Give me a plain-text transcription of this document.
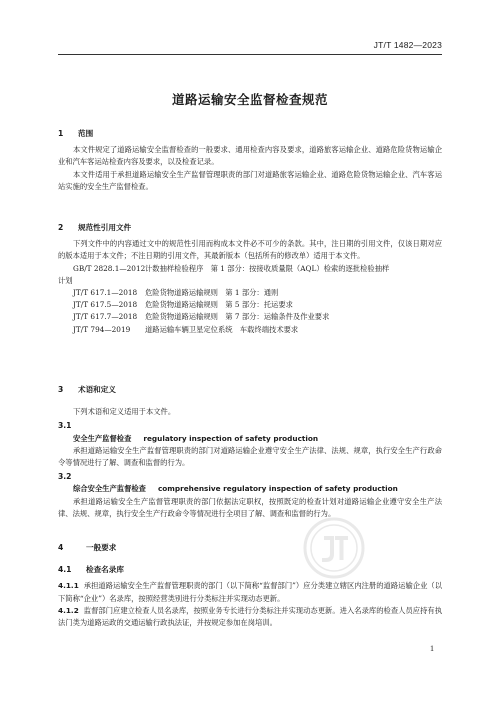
JT/T 1482—2023
道路运输安全监督检查规范
1 范围

本文件规定了道路运输安全监督检查的一般要求、通用检查内容及要求，道路旅客运输企业、道路危险货物运输企业和汽车客运站检查内容及要求，以及检查记录。

本文件适用于承担道路运输安全生产监督管理职责的部门对道路旅客运输企业、道路危险货物运输企业、汽车客运站实施的安全生产监督检查。

2 规范性引用文件

下列文件中的内容通过文中的规范性引用而构成本文件必不可少的条款。其中，注日期的引用文件，仅该日期对应的版本适用于本文件；不注日期的引用文件，其最新版本（包括所有的修改单）适用于本文件。

GB/T 2828.1—2012计数抽样检验程序　第 1 部分：按接收质量限（AQL）检索的逐批检验抽样
计划
JT/T 617.1—2018 危险货物道路运输规则　第 1 部分：通则
JT/T 617.5—2018 危险货物道路运输规则　第 5 部分：托运要求
JT/T 617.7—2018 危险货物道路运输规则　第 7 部分：运输条件及作业要求
JT/T 794—2019 道路运输车辆卫星定位系统　车载终端技术要求
3 术语和定义

下列术语和定义适用于本文件。

3.1
安全生产监督检查 regulatory inspection of safety production

承担道路运输安全生产监督管理职责的部门对道路运输企业遵守安全生产法律、法规、规章，执行安全生产行政命令等情况进行了解、调查和监督的行为。

3.2
综合安全生产监督检查 comprehensive regulatory inspection of safety production

承担道路运输安全生产监督管理职责的部门依据法定职权，按照既定的检查计划对道路运输企业遵守安全生产法律、法规、规章，执行安全生产行政命令等情况进行全项目了解、调查和监督的行为。

4	一般要求
4.1 检查名录库

4.1.1 承担道路运输安全生产监督管理职责的部门（以下简称“监督部门”）应分类建立辖区内注册的道路运输企业（以下简称“企业”）名录库，按照经营类别进行分类标注并实现动态更新。

4.1.2 监督部门应建立检查人员名录库，按照业务专长进行分类标注并实现动态更新。进入名录库的检查人员应持有执法门类为道路运政的交通运输行政执法证，并按规定参加在岗培训。

1
